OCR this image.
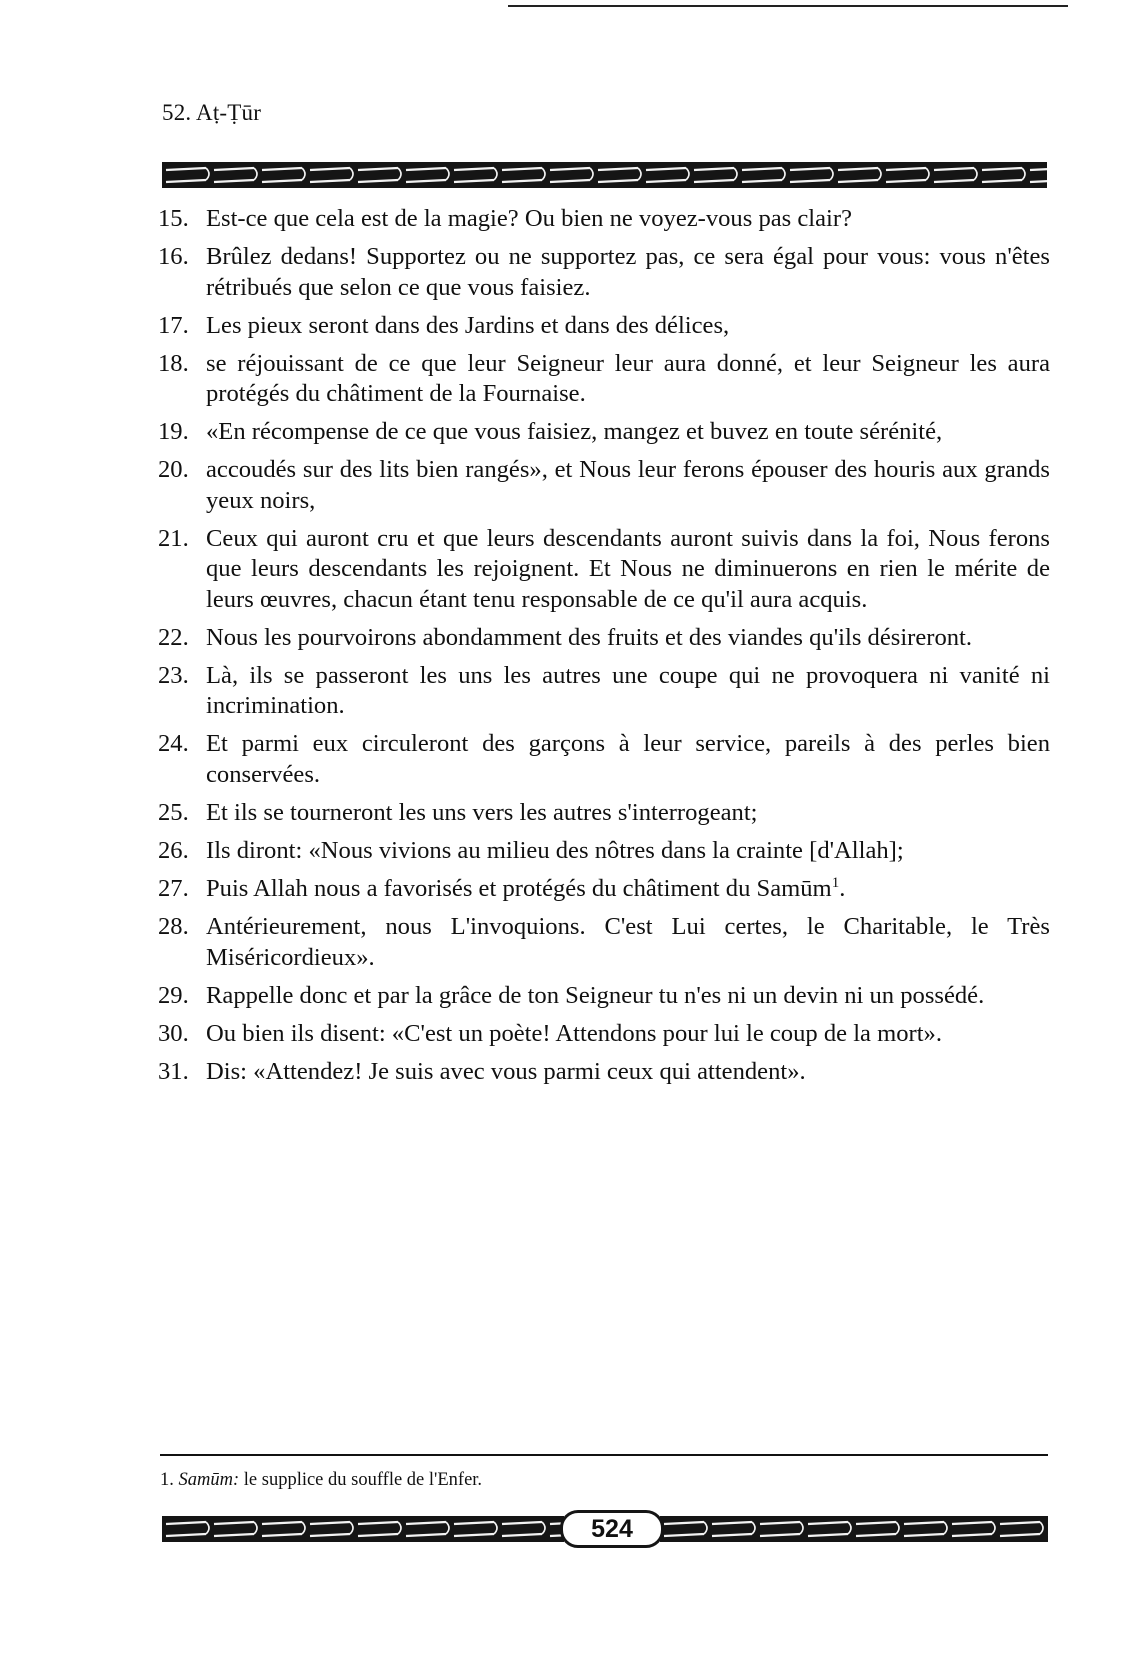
52. Aṭ-Ṭūr
15. Est-ce que cela est de la magie? Ou bien ne voyez-vous pas clair?
16. Brûlez dedans! Supportez ou ne supportez pas, ce sera égal pour vous: vous n'êtes rétribués que selon ce que vous faisiez.
17. Les pieux seront dans des Jardins et dans des délices,
18. se réjouissant de ce que leur Seigneur leur aura donné, et leur Seigneur les aura protégés du châtiment de la Fournaise.
19. «En récompense de ce que vous faisiez, mangez et buvez en toute sérénité,
20. accoudés sur des lits bien rangés», et Nous leur ferons épouser des houris aux grands yeux noirs,
21. Ceux qui auront cru et que leurs descendants auront suivis dans la foi, Nous ferons que leurs descendants les rejoignent. Et Nous ne diminuerons en rien le mérite de leurs œuvres, chacun étant tenu responsable de ce qu'il aura acquis.
22. Nous les pourvoirons abondamment des fruits et des viandes qu'ils désireront.
23. Là, ils se passeront les uns les autres une coupe qui ne provoquera ni vanité ni incrimination.
24. Et parmi eux circuleront des garçons à leur service, pareils à des perles bien conservées.
25. Et ils se tourneront les uns vers les autres s'interrogeant;
26. Ils diront: «Nous vivions au milieu des nôtres dans la crainte [d'Allah];
27. Puis Allah nous a favorisés et protégés du châtiment du Samūm$^1$.
28. Antérieurement, nous L'invoquions. C'est Lui certes, le Charitable, le Très Miséricordieux».
29. Rappelle donc et par la grâce de ton Seigneur tu n'es ni un devin ni un possédé.
30. Ou bien ils disent: «C'est un poète! Attendons pour lui le coup de la mort».
31. Dis: «Attendez! Je suis avec vous parmi ceux qui attendent».
1. Samūm: le supplice du souffle de l'Enfer.
524
